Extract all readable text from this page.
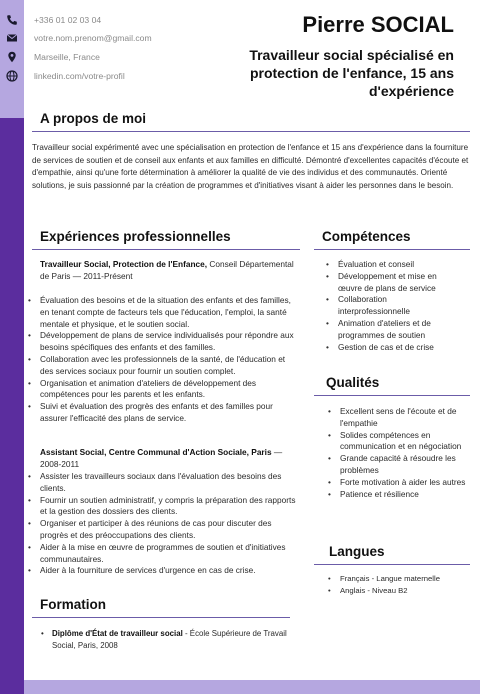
+336 01 02 03 04
votre.nom.prenom@gmail.com
Marseille, France
linkedin.com/votre-profil
Pierre SOCIAL
Travailleur social spécialisé en protection de l'enfance, 15 ans d'expérience
A propos de moi
Travailleur social expérimenté avec une spécialisation en protection de l'enfance et 15 ans d'expérience dans la fourniture de services de soutien et de conseil aux enfants et aux familles en difficulté. Démontré d'excellentes capacités d'écoute et d'empathie, ainsi qu'une forte détermination à améliorer la qualité de vie des individus et des communautés. Orienté solutions, je suis passionné par la création de programmes et d'initiatives visant à aider les personnes dans le besoin.
Expériences professionnelles
Travailleur Social, Protection de l'Enfance, Conseil Départemental de Paris — 2011-Présent
• Évaluation des besoins et de la situation des enfants et des familles, en tenant compte de facteurs tels que l'éducation, l'emploi, la santé mentale et physique, et le soutien social.
• Développement de plans de service individualisés pour répondre aux besoins spécifiques des enfants et des familles.
• Collaboration avec les professionnels de la santé, de l'éducation et des services sociaux pour fournir un soutien complet.
• Organisation et animation d'ateliers de développement des compétences pour les parents et les enfants.
• Suivi et évaluation des progrès des enfants et des familles pour assurer l'efficacité des plans de service.
Assistant Social, Centre Communal d'Action Sociale, Paris — 2008-2011
• Assister les travailleurs sociaux dans l'évaluation des besoins des clients.
• Fournir un soutien administratif, y compris la préparation des rapports et la gestion des dossiers des clients.
• Organiser et participer à des réunions de cas pour discuter des progrès et des préoccupations des clients.
• Aider à la mise en œuvre de programmes de soutien et d'initiatives communautaires.
• Aider à la fourniture de services d'urgence en cas de crise.
Formation
• Diplôme d'État de travailleur social - École Supérieure de Travail Social, Paris, 2008
Compétences
• Évaluation et conseil
• Développement et mise en œuvre de plans de service
• Collaboration interprofessionnelle
• Animation d'ateliers et de programmes de soutien
• Gestion de cas et de crise
Qualités
• Excellent sens de l'écoute et de l'empathie
• Solides compétences en communication et en négociation
• Grande capacité à résoudre les problèmes
• Forte motivation à aider les autres
• Patience et résilience
Langues
• Français - Langue maternelle
• Anglais - Niveau B2
